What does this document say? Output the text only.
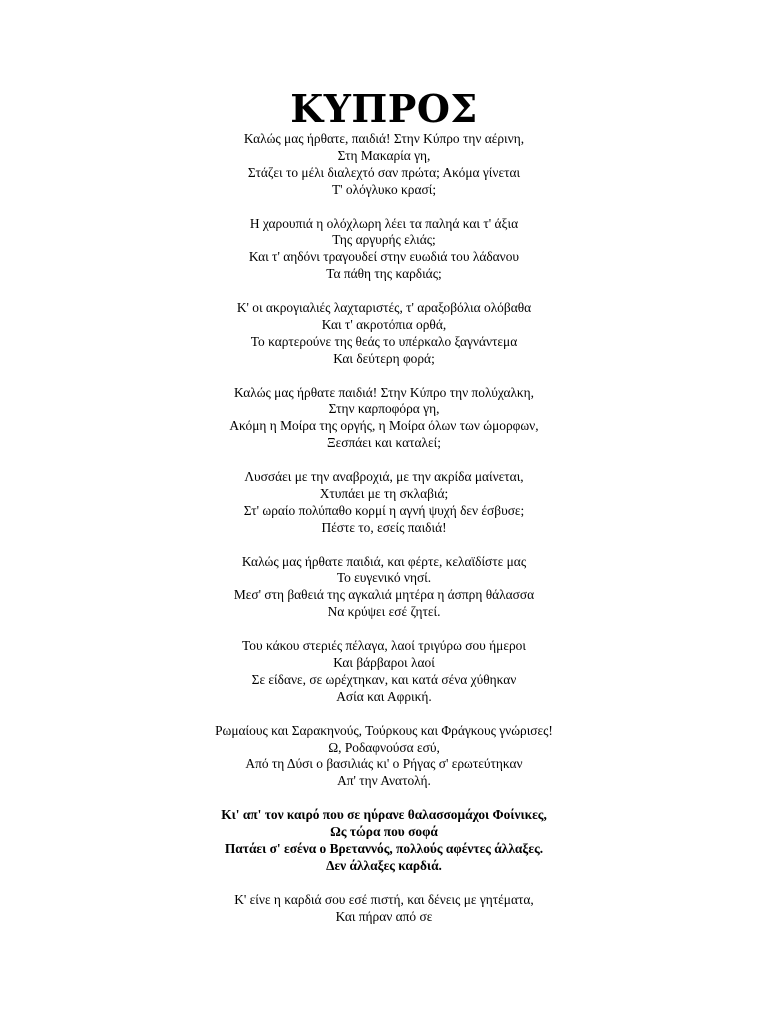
ΚΥΠΡΟΣ
Καλώς μας ήρθατε, παιδιά! Στην Κύπρο την αέρινη,
Στη Μακαρία γη,
Στάζει το μέλι διαλεχτό σαν πρώτα; Ακόμα γίνεται
Τ' ολόγλυκο κρασί;
Η χαρουπιά η ολόχλωρη λέει τα παληά και τ' άξια
Της αργυρής ελιάς;
Και τ' αηδόνι τραγουδεί στην ευωδιά του λάδανου
Τα πάθη της καρδιάς;
Κ' οι ακρογιαλιές λαχταριστές, τ' αραξοβόλια ολόβαθα
Και τ' ακροτόπια ορθά,
Το καρτερούνε της θεάς το υπέρκαλο ξαγνάντεμα
Και δεύτερη φορά;
Καλώς μας ήρθατε παιδιά! Στην Κύπρο την πολύχαλκη,
Στην καρποφόρα γη,
Ακόμη η Μοίρα της οργής, η Μοίρα όλων των ώμορφων,
Ξεσπάει και καταλεί;
Λυσσάει με την αναβροχιά, με την ακρίδα μαίνεται,
Χτυπάει με τη σκλαβιά;
Στ' ωραίο πολύπαθο κορμί η αγνή ψυχή δεν έσβυσε;
Πέστε το, εσείς παιδιά!
Καλώς μας ήρθατε παιδιά, και φέρτε, κελαϊδίστε μας
Το ευγενικό νησί.
Μεσ' στη βαθειά της αγκαλιά μητέρα η άσπρη θάλασσα
Να κρύψει εσέ ζητεί.
Του κάκου στεριές πέλαγα, λαοί τριγύρω σου ήμεροι
Και βάρβαροι λαοί
Σε είδανε, σε ωρέχτηκαν, και κατά σένα χύθηκαν
Ασία και Αφρική.
Ρωμαίους και Σαρακηνούς, Τούρκους και Φράγκους γνώρισες!
Ω, Ροδαφνούσα εσύ,
Από τη Δύσι ο βασιλιάς κι' ο Ρήγας σ' ερωτεύτηκαν
Απ' την Ανατολή.
Κι' απ' τον καιρό που σε ηύρανε θαλασσομάχοι Φοίνικες,
Ως τώρα που σοφά
Πατάει σ' εσένα ο Βρεταννός, πολλούς αφέντες άλλαξες.
Δεν άλλαξες καρδιά.
Κ' είνε η καρδιά σου εσέ πιστή, και δένεις με γητέματα,
Και πήραν από σε
